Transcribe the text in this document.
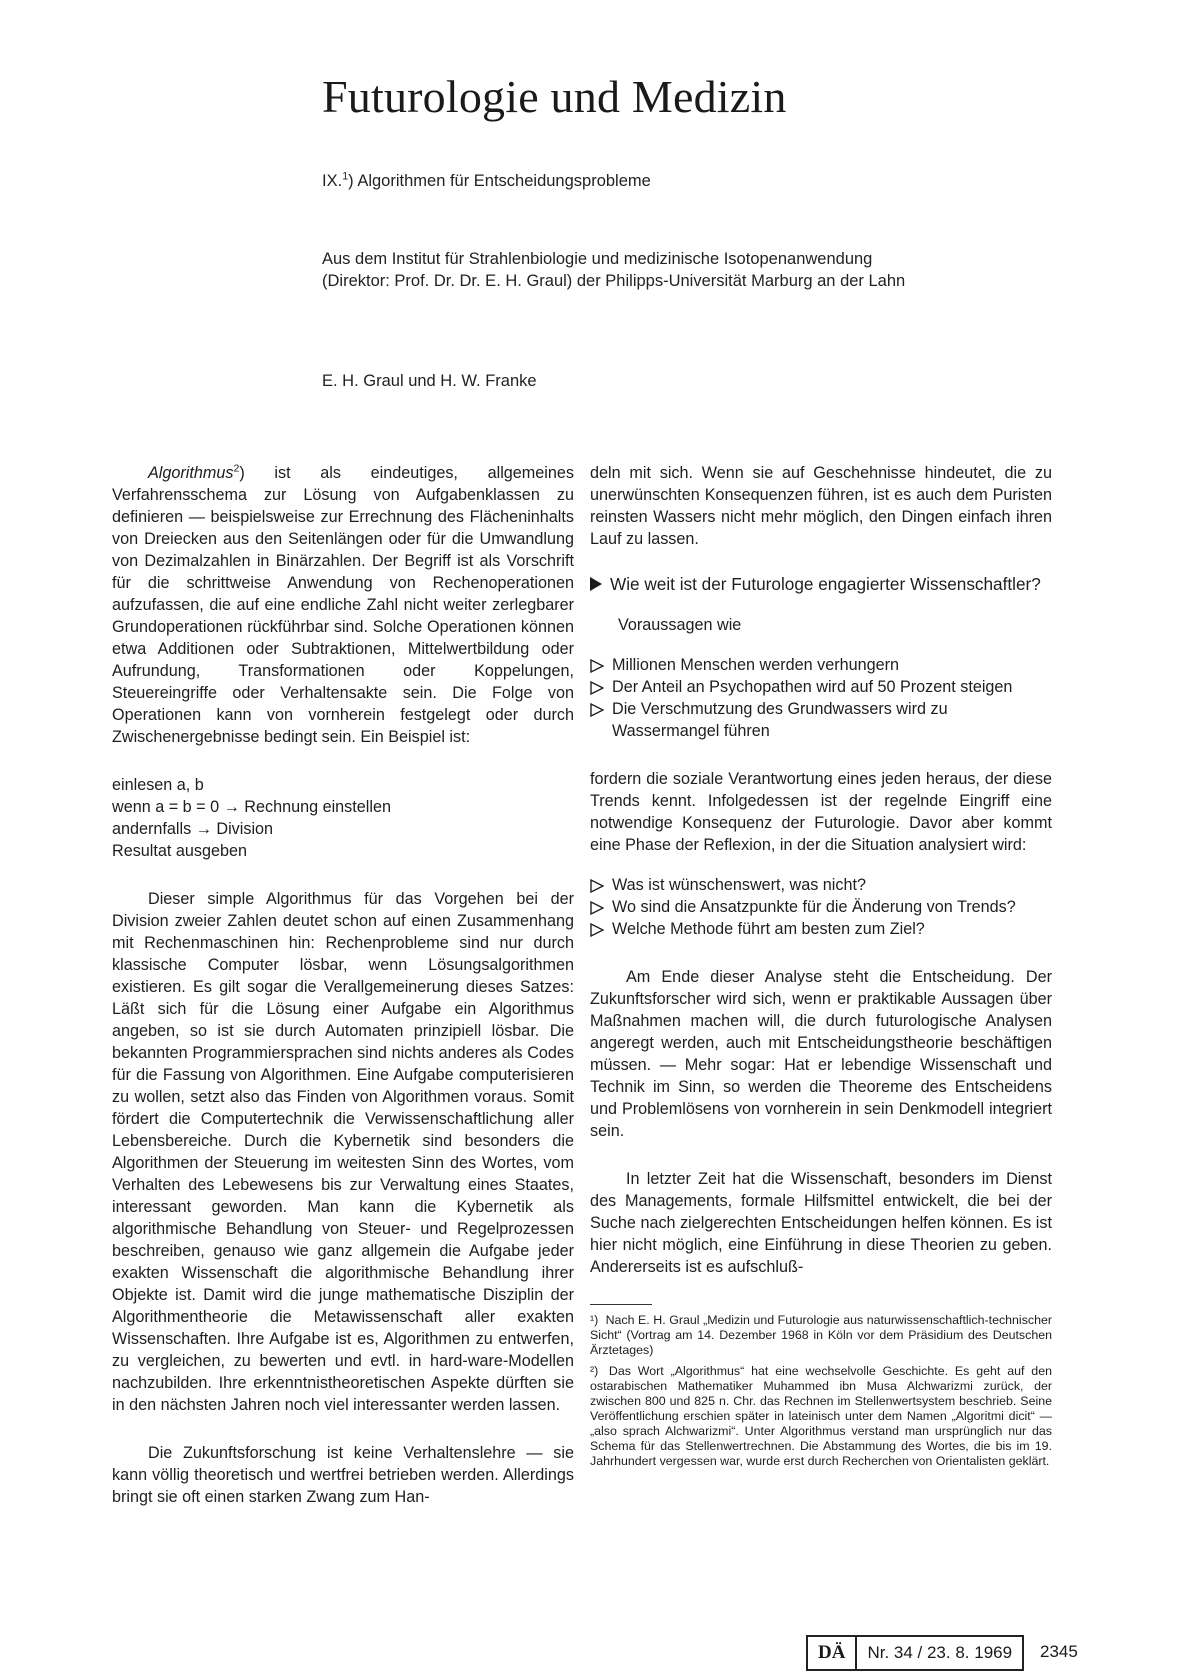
Futurologie und Medizin
IX.$^1$) Algorithmen für Entscheidungsprobleme
Aus dem Institut für Strahlenbiologie und medizinische Isotopenanwendung
(Direktor: Prof. Dr. Dr. E. H. Graul) der Philipps-Universität Marburg an der Lahn
E. H. Graul und H. W. Franke

Algorithmus$^2$) ist als eindeutiges, allgemeines Verfahrensschema zur Lösung von Aufgabenklassen zu definieren — beispielsweise zur Errechnung des Flächeninhalts von Dreiecken aus den Seitenlängen oder für die Umwandlung von Dezimalzahlen in Binärzahlen. Der Begriff ist als Vorschrift für die schrittweise Anwendung von Rechenoperationen aufzufassen, die auf eine endliche Zahl nicht weiter zerlegbarer Grundoperationen rückführbar sind. Solche Operationen können etwa Additionen oder Subtraktionen, Mittelwertbildung oder Aufrundung, Transformationen oder Koppelungen, Steuereingriffe oder Verhaltensakte sein. Die Folge von Operationen kann von vornherein festgelegt oder durch Zwischenergebnisse bedingt sein. Ein Beispiel ist:

einlesen a, b
wenn a = b = 0 → Rechnung einstellen
andernfalls → Division
Resultat ausgeben

Dieser simple Algorithmus für das Vorgehen bei der Division zweier Zahlen deutet schon auf einen Zusammenhang mit Rechenmaschinen hin: Rechenprobleme sind nur durch klassische Computer lösbar, wenn Lösungsalgorithmen existieren. Es gilt sogar die Verallgemeinerung dieses Satzes: Läßt sich für die Lösung einer Aufgabe ein Algorithmus angeben, so ist sie durch Automaten prinzipiell lösbar. Die bekannten Programmiersprachen sind nichts anderes als Codes für die Fassung von Algorithmen. Eine Aufgabe computerisieren zu wollen, setzt also das Finden von Algorithmen voraus. Somit fördert die Computertechnik die Verwissenschaftlichung aller Lebensbereiche. Durch die Kybernetik sind besonders die Algorithmen der Steuerung im weitesten Sinn des Wortes, vom Verhalten des Lebewesens bis zur Verwaltung eines Staates, interessant geworden. Man kann die Kybernetik als algorithmische Behandlung von Steuer- und Regelprozessen beschreiben, genauso wie ganz allgemein die Aufgabe jeder exakten Wissenschaft die algorithmische Behandlung ihrer Objekte ist. Damit wird die junge mathematische Disziplin der Algorithmentheorie die Metawissenschaft aller exakten Wissenschaften. Ihre Aufgabe ist es, Algorithmen zu entwerfen, zu vergleichen, zu bewerten und evtl. in hard-ware-Modellen nachzubilden. Ihre erkenntnistheoretischen Aspekte dürften sie in den nächsten Jahren noch viel interessanter werden lassen.

Die Zukunftsforschung ist keine Verhaltenslehre — sie kann völlig theoretisch und wertfrei betrieben werden. Allerdings bringt sie oft einen starken Zwang zum Han-

deln mit sich. Wenn sie auf Geschehnisse hindeutet, die zu unerwünschten Konsequenzen führen, ist es auch dem Puristen reinsten Wassers nicht mehr möglich, den Dingen einfach ihren Lauf zu lassen.

Wie weit ist der Futurologe engagierter Wissenschaftler?

Voraussagen wie

Millionen Menschen werden verhungern
Der Anteil an Psychopathen wird auf 50 Prozent steigen
Die Verschmutzung des Grundwassers wird zu Wassermangel führen

fordern die soziale Verantwortung eines jeden heraus, der diese Trends kennt. Infolgedessen ist der regelnde Eingriff eine notwendige Konsequenz der Futurologie. Davor aber kommt eine Phase der Reflexion, in der die Situation analysiert wird:

Was ist wünschenswert, was nicht?
Wo sind die Ansatzpunkte für die Änderung von Trends?
Welche Methode führt am besten zum Ziel?

Am Ende dieser Analyse steht die Entscheidung. Der Zukunftsforscher wird sich, wenn er praktikable Aussagen über Maßnahmen machen will, die durch futurologische Analysen angeregt werden, auch mit Entscheidungstheorie beschäftigen müssen. — Mehr sogar: Hat er lebendige Wissenschaft und Technik im Sinn, so werden die Theoreme des Entscheidens und Problemlösens von vornherein in sein Denkmodell integriert sein.

In letzter Zeit hat die Wissenschaft, besonders im Dienst des Managements, formale Hilfsmittel entwickelt, die bei der Suche nach zielgerechten Entscheidungen helfen können. Es ist hier nicht möglich, eine Einführung in diese Theorien zu geben. Andererseits ist es aufschluß-

¹) Nach E. H. Graul „Medizin und Futurologie aus naturwissenschaftlich-technischer Sicht“ (Vortrag am 14. Dezember 1968 in Köln vor dem Präsidium des Deutschen Ärztetages)

²) Das Wort „Algorithmus“ hat eine wechselvolle Geschichte. Es geht auf den ostarabischen Mathematiker Muhammed ibn Musa Alchwarizmi zurück, der zwischen 800 und 825 n. Chr. das Rechnen im Stellenwertsystem beschrieb. Seine Veröffentlichung erschien später in lateinisch unter dem Namen „Algoritmi dicit“ — „also sprach Alchwarizmi“. Unter Algorithmus verstand man ursprünglich nur das Schema für das Stellenwertrechnen. Die Abstammung des Wortes, die bis im 19. Jahrhundert vergessen war, wurde erst durch Recherchen von Orientalisten geklärt.

DÄ	Nr. 34 / 23. 8. 1969	2345
